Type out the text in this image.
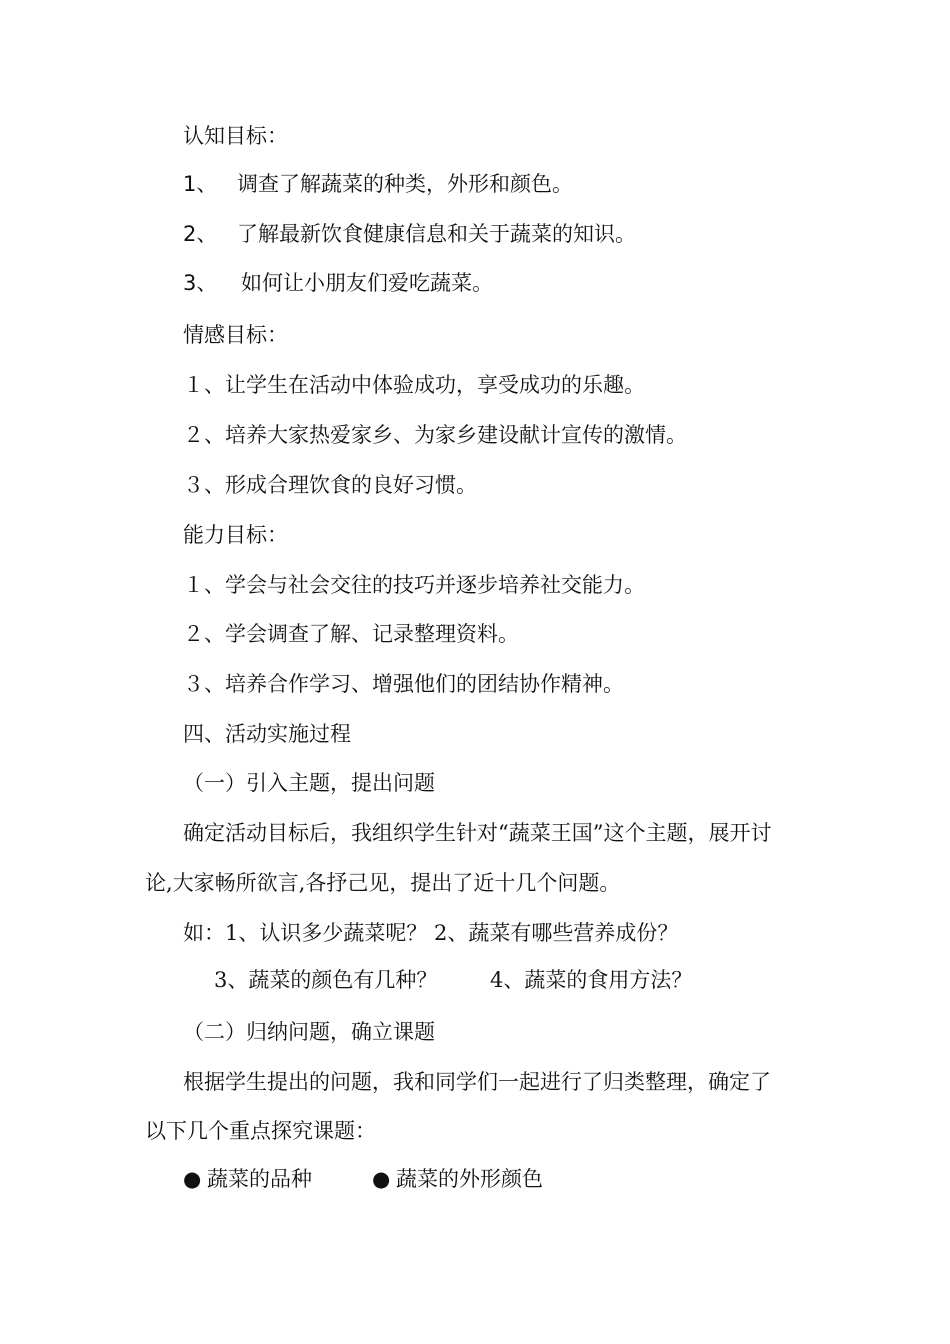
认知目标：
1、 调查了解蔬菜的种类，外形和颜色。
2、 了解最新饮食健康信息和关于蔬菜的知识。
3、 如何让小朋友们爱吃蔬菜。
情感目标：
１、让学生在活动中体验成功，享受成功的乐趣。
２、培养大家热爱家乡、为家乡建设献计宣传的激情。
３、形成合理饮食的良好习惯。
能力目标：
１、学会与社会交往的技巧并逐步培养社交能力。
２、学会调查了解、记录整理资料。
３、培养合作学习、增强他们的团结协作精神。
四、活动实施过程
（一）引入主题，提出问题
确定活动目标后，我组织学生针对“蔬菜王国”这个主题，展开讨
论,大家畅所欲言,各抒己见，提出了近十几个问题。
如：1、认识多少蔬菜呢？ 2、蔬菜有哪些营养成份？
3、蔬菜的颜色有几种？	4、蔬菜的食用方法？
（二）归纳问题，确立课题
根据学生提出的问题，我和同学们一起进行了归类整理，确定了
以下几个重点探究课题：
● 蔬菜的品种	● 蔬菜的外形颜色
